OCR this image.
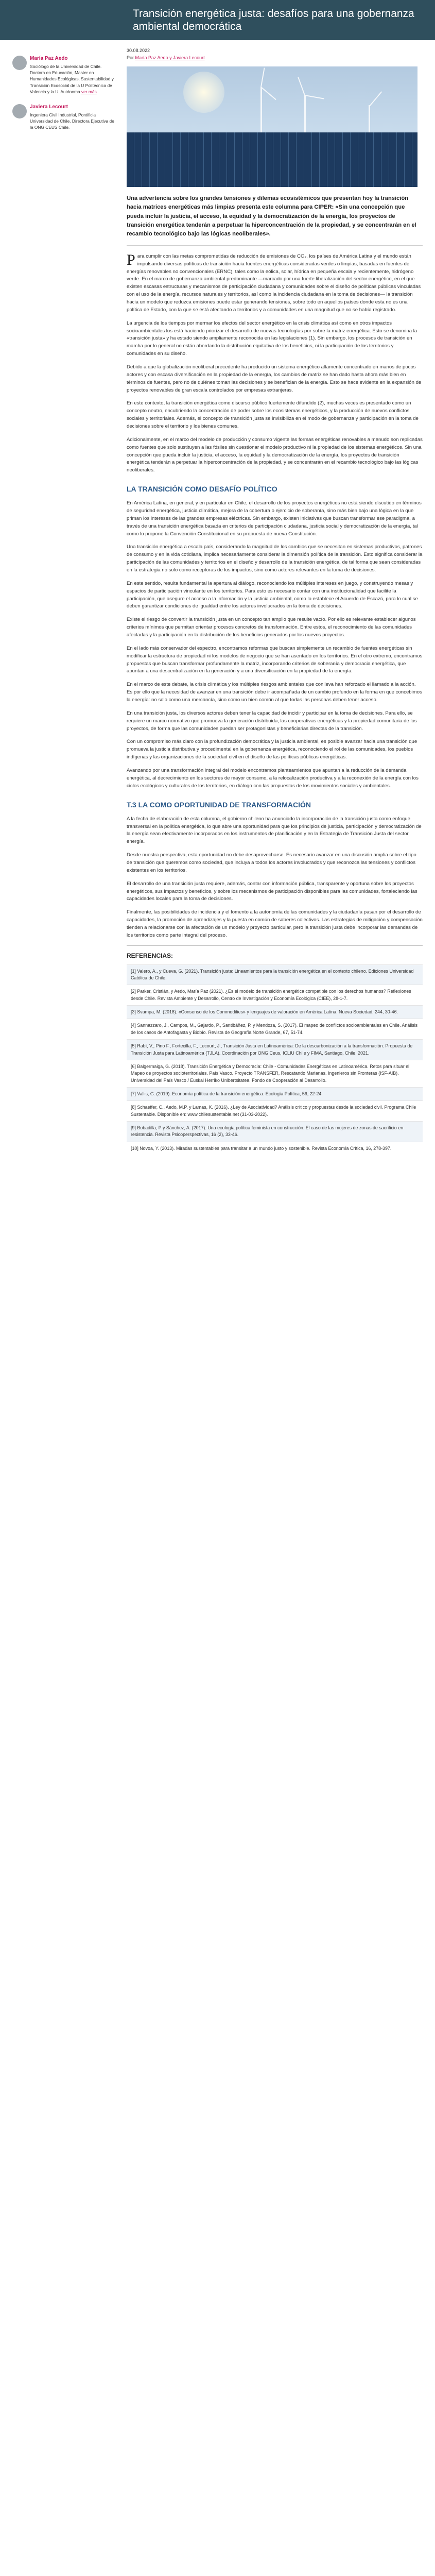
Transición energética justa: desafíos para una gobernanza ambiental democrática
María Paz Aedo

Sociólogo de la Universidad de Chile. Doctora en Educación, Master en Humanidades Ecológicas, Sustentabilidad y Transición Ecosocial de la U Politécnica de Valencia y la U. Autónoma ver más

Javiera Lecourt

Ingeniera Civil Industrial, Pontificia Universidad de Chile. Directora Ejecutiva de la ONG CEUS Chile.

30.08.2022
Por María Paz Aedo y Javiera Lecourt

Una advertencia sobre los grandes tensiones y dilemas ecosistémicos que presentan hoy la transición hacia matrices energéticas más limpias presenta este columna para CIPER: «Sin una concepción que pueda incluir la justicia, el acceso, la equidad y la democratización de la energía, los proyectos de transición energética tenderán a perpetuar la hiperconcentración de la propiedad, y se concentrarán en el recambio tecnológico bajo las lógicas neoliberales».

Para cumplir con las metas comprometidas de reducción de emisiones de CO₂, los países de América Latina y el mundo están impulsando diversas políticas de transición hacia fuentes energéticas consideradas verdes o limpias, basadas en fuentes de energías renovables no convencionales (ERNC), tales como la eólica, solar, hídrica en pequeña escala y recientemente, hidrógeno verde. En el marco de gobernanza ambiental predominante —marcado por una fuerte liberalización del sector energético, en el que existen escasas estructuras y mecanismos de participación ciudadana y comunidades sobre el diseño de políticas públicas vinculadas con el uso de la energía, recursos naturales y territorios, así como la incidencia ciudadana en la toma de decisiones— la transición hacia un modelo que reduzca emisiones puede estar generando tensiones, sobre todo en aquellos países donde esta no es una política de Estado, con la que se está afectando a territorios y a comunidades en una magnitud que no se había registrado.

La urgencia de los tiempos por mermar los efectos del sector energético en la crisis climática así como en otros impactos socioambientales los está haciendo priorizar el desarrollo de nuevas tecnologías por sobre la matriz energética. Esto se denomina la «transición justa» y ha estado siendo ampliamente reconocida en las legislaciones (1). Sin embargo, los procesos de transición en marcha por lo general no están abordando la distribución equitativa de los beneficios, ni la participación de los territorios y comunidades en su diseño.

Debido a que la globalización neoliberal precedente ha producido un sistema energético altamente concentrado en manos de pocos actores y con escasa diversificación en la propiedad de la energía, los cambios de matriz se han dado hasta ahora más bien en términos de fuentes, pero no de quiénes toman las decisiones y se benefician de la energía. Esto se hace evidente en la expansión de proyectos renovables de gran escala controlados por empresas extranjeras.

En este contexto, la transición energética como discurso público fuertemente difundido (2), muchas veces es presentado como un concepto neutro, encubriendo la concentración de poder sobre los ecosistemas energéticos, y la producción de nuevos conflictos sociales y territoriales. Además, el concepto de transición justa se invisibiliza en el modo de gobernanza y participación en la toma de decisiones sobre el territorio y los bienes comunes.

Adicionalmente, en el marco del modelo de producción y consumo vigente las formas energéticas renovables a menudo son replicadas como fuentes que solo sustituyen a las fósiles sin cuestionar el modelo productivo ni la propiedad de los sistemas energéticos. Sin una concepción que pueda incluir la justicia, el acceso, la equidad y la democratización de la energía, los proyectos de transición energética tenderán a perpetuar la hiperconcentración de la propiedad, y se concentrarán en el recambio tecnológico bajo las lógicas neoliberales.

LA TRANSICIÓN COMO DESAFÍO POLÍTICO

En América Latina, en general, y en particular en Chile, el desarrollo de los proyectos energéticos no está siendo discutido en términos de seguridad energética, justicia climática, mejora de la cobertura o ejercicio de soberanía, sino más bien bajo una lógica en la que priman los intereses de las grandes empresas eléctricas. Sin embargo, existen iniciativas que buscan transformar ese paradigma, a través de una transición energética basada en criterios de participación ciudadana, justicia social y democratización de la energía, tal como lo propone la Convención Constitucional en su propuesta de nueva Constitución.

Una transición energética a escala país, considerando la magnitud de los cambios que se necesitan en sistemas productivos, patrones de consumo y en la vida cotidiana, implica necesariamente considerar la dimensión política de la transición. Esto significa considerar la participación de las comunidades y territorios en el diseño y desarrollo de la transición energética, de tal forma que sean consideradas en la estrategia no solo como receptoras de los impactos, sino como actores relevantes en la toma de decisiones.

En este sentido, resulta fundamental la apertura al diálogo, reconociendo los múltiples intereses en juego, y construyendo mesas y espacios de participación vinculante en los territorios. Para esto es necesario contar con una institucionalidad que facilite la participación, que asegure el acceso a la información y la justicia ambiental, como lo establece el Acuerdo de Escazú, para lo cual se deben garantizar condiciones de igualdad entre los actores involucrados en la toma de decisiones.

Existe el riesgo de convertir la transición justa en un concepto tan amplio que resulte vacío. Por ello es relevante establecer algunos criterios mínimos que permitan orientar procesos concretos de transformación. Entre estos, el reconocimiento de las comunidades afectadas y la participación en la distribución de los beneficios generados por los nuevos proyectos.

En el lado más conservador del espectro, encontramos reformas que buscan simplemente un recambio de fuentes energéticas sin modificar la estructura de propiedad ni los modelos de negocio que se han asentado en los territorios. En el otro extremo, encontramos propuestas que buscan transformar profundamente la matriz, incorporando criterios de soberanía y democracia energética, que apuntan a una descentralización en la generación y a una diversificación en la propiedad de la energía.

En el marco de este debate, la crisis climática y los múltiples riesgos ambientales que conlleva han reforzado el llamado a la acción. Es por ello que la necesidad de avanzar en una transición debe ir acompañada de un cambio profundo en la forma en que concebimos la energía: no solo como una mercancía, sino como un bien común al que todas las personas deben tener acceso.

En una transición justa, los diversos actores deben tener la capacidad de incidir y participar en la toma de decisiones. Para ello, se requiere un marco normativo que promueva la generación distribuida, las cooperativas energéticas y la propiedad comunitaria de los proyectos, de forma que las comunidades puedan ser protagonistas y beneficiarias directas de la transición.

Con un compromiso más claro con la profundización democrática y la justicia ambiental, es posible avanzar hacia una transición que promueva la justicia distributiva y procedimental en la gobernanza energética, reconociendo el rol de las comunidades, los pueblos indígenas y las organizaciones de la sociedad civil en el diseño de las políticas públicas energéticas.

Avanzando por una transformación integral del modelo encontramos planteamientos que apuntan a la reducción de la demanda energética, al decrecimiento en los sectores de mayor consumo, a la relocalización productiva y a la reconexión de la energía con los ciclos ecológicos y culturales de los territorios, en diálogo con las propuestas de los movimientos sociales y ambientales.

T.3 LA COMO OPORTUNIDAD DE TRANSFORMACIÓN

A la fecha de elaboración de esta columna, el gobierno chileno ha anunciado la incorporación de la transición justa como enfoque transversal en la política energética, lo que abre una oportunidad para que los principios de justicia, participación y democratización de la energía sean efectivamente incorporados en los instrumentos de planificación y en la Estrategia de Transición Justa del sector energía.

Desde nuestra perspectiva, esta oportunidad no debe desaprovecharse. Es necesario avanzar en una discusión amplia sobre el tipo de transición que queremos como sociedad, que incluya a todos los actores involucrados y que reconozca las tensiones y conflictos existentes en los territorios.

El desarrollo de una transición justa requiere, además, contar con información pública, transparente y oportuna sobre los proyectos energéticos, sus impactos y beneficios, y sobre los mecanismos de participación disponibles para las comunidades, fortaleciendo las capacidades locales para la toma de decisiones.

Finalmente, las posibilidades de incidencia y el fomento a la autonomía de las comunidades y la ciudadanía pasan por el desarrollo de capacidades, la promoción de aprendizajes y la puesta en común de saberes colectivos. Las estrategias de mitigación y compensación tienden a relacionarse con la afectación de un modelo y proyecto particular, pero la transición justa debe incorporar las demandas de los territorios como parte integral del proceso.

REFERENCIAS:
[1] Valero, A., y Cueva, G. (2021). Transición justa: Lineamientos para la transición energética en el contexto chileno. Ediciones Universidad Católica de Chile.
[2] Parker, Cristián, y Aedo, María Paz (2021). ¿Es el modelo de transición energética compatible con los derechos humanos? Reflexiones desde Chile. Revista Ambiente y Desarrollo, Centro de Investigación y Economía Ecológica (CIEE), 28-1-7.
[3] Svampa, M. (2018). «Consenso de los Commodities» y lenguajes de valoración en América Latina. Nueva Sociedad, 244, 30-46.
[4] Sannazzaro, J., Campos, M., Gajardo, P., Santibáñez, P. y Mendoza, S. (2017). El mapeo de conflictos socioambientales en Chile. Análisis de los casos de Antofagasta y Biobío. Revista de Geografía Norte Grande, 67, 51-74.
[5] Rabí, V., Pino F., Fortecilla, F., Lecourt, J., Transición Justa en Latinoamérica: De la descarbonización a la transformación. Propuesta de Transición Justa para Latinoamérica (TJLA). Coordinación por ONG Ceus, ICLIU Chile y FIMA, Santiago, Chile, 2021.
[6] Balgermaiga, G. (2018). Transición Energética y Democracia: Chile - Comunidades Energéticas en Latinoamérica. Retos para situar el Mapeo de proyectos socioterritoriales. País Vasco. Proyecto TRANSFER, Rescatando Marianas. Ingenieros sin Fronteras (ISF-AIB). Universidad del País Vasco / Euskal Herriko Unibertsitatea. Fondo de Cooperación al Desarrollo.
[7] Vallis, G. (2019). Economía política de la transición energética. Ecología Política, 56, 22-24.
[8] Schaeffer, C., Aedo, M.P. y Lamas, K. (2016). ¿Ley de Asociatividad? Análisis crítico y propuestas desde la sociedad civil. Programa Chile Sustentable. Disponible en: www.chilesustentable.net (31-03-2022).
[9] Bobadilla, P y Sánchez, A. (2017). Una ecología política feminista en construcción: El caso de las mujeres de zonas de sacrificio en resistencia. Revista Psicoperspectivas, 16 (2), 33-46.
[10] Novoa, Y. (2013). Miradas sustentables para transitar a un mundo justo y sostenible. Revista Economía Crítica, 16, 278-397.
